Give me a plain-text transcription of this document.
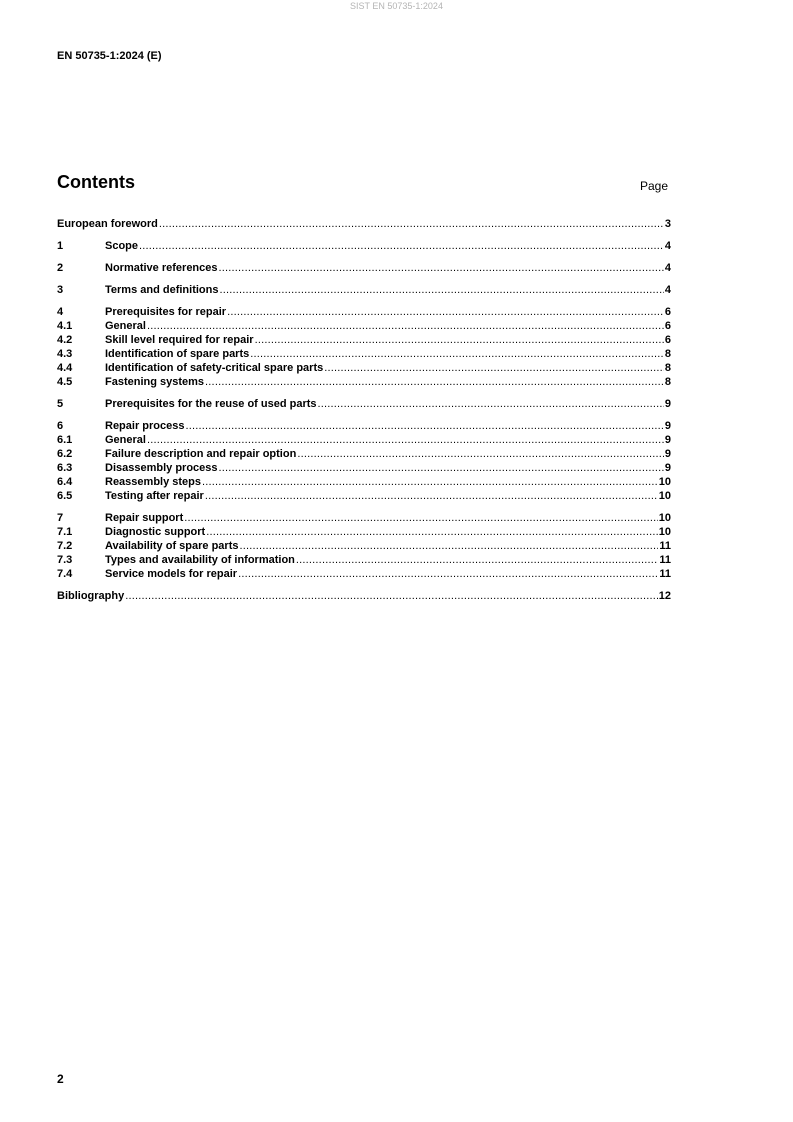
SIST EN 50735-1:2024
EN 50735-1:2024 (E)
Contents	Page
European foreword .....	3
1	Scope .....	4
2	Normative references .....	4
3	Terms and definitions .....	4
4	Prerequisites for repair .....	6
4.1	General .....	6
4.2	Skill level required for repair .....	6
4.3	Identification of spare parts .....	8
4.4	Identification of safety-critical spare parts .....	8
4.5	Fastening systems .....	8
5	Prerequisites for the reuse of used parts .....	9
6	Repair process .....	9
6.1	General .....	9
6.2	Failure description and repair option .....	9
6.3	Disassembly process .....	9
6.4	Reassembly steps .....	10
6.5	Testing after repair .....	10
7	Repair support .....	10
7.1	Diagnostic support .....	10
7.2	Availability of spare parts .....	11
7.3	Types and availability of information .....	11
7.4	Service models for repair .....	11
Bibliography .....	12
2
